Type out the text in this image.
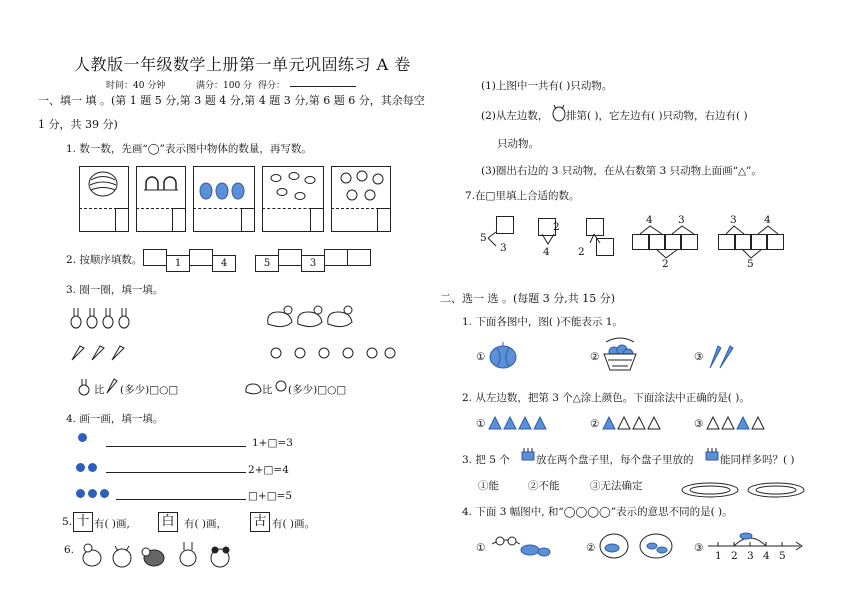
人教版一年级数学上册第一单元巩固练习 A 卷
时间：40 分钟	满分：100 分 得分：
一、填一 填 。(第 1 题 5 分,第 3 题 4 分,第 4 题 3 分,第 6 题 6 分，其余每空
1 分，共 39 分)
1. 数一数，先画“◯”表示图中物体的数量，再写数。
2. 按顺序填数。	1	4	5	3
3. 圈一圈，填一填。
比 (多少)□○□	比 (多少)□○□
4. 画一画，填一填。
1+□=3
2+□=4
□+□=5
5. 十 有( )画, 白 有( )画， 古 有( )画。
6.
(1)上图中一共有( )只动物。
(2)从左边数， 排第( )，它左边有( )只动物，右边有( )
只动物。
(3)圈出右边的 3 只动物，在从右数第 3 只动物上面画“△”。
7.在□里填上合适的数。
5
3
2
4	2
4 3
2
3	4
5
二、选一 选 。(每题 3 分,共 15 分)
1. 下面各图中，图( )不能表示 1。
①	②	③
2. 从左边数，把第 3 个△涂上颜色。下面涂法中正确的是( )。
①	②	③
3. 把 5 个	放在两个盘子里，每个盘子里放的	能同样多吗？( )
①能	②不能	③无法确定
4. 下面 3 幅图中, 和“◯◯◯◯”表示的意思不同的是( )。
①	②	③
1 2 3 4 5
